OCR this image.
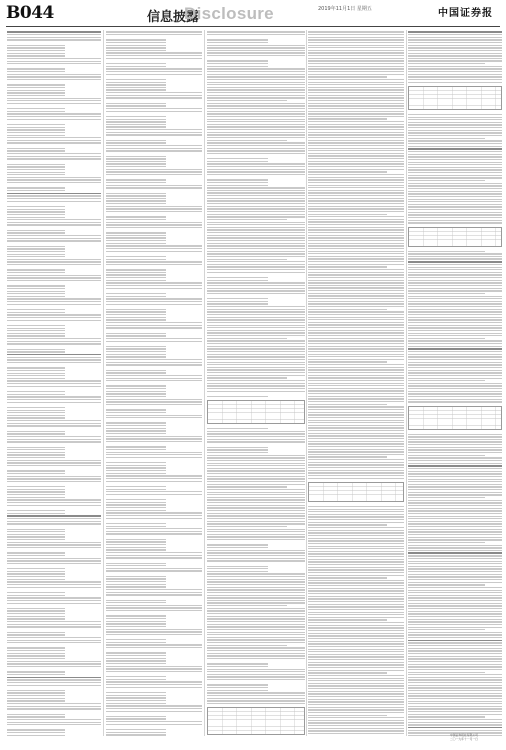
B044	信息披露
Disclosure	2019年11月1日 星期五	中国证券报
中国证券报社有限公司
二〇一九年十一月一日
